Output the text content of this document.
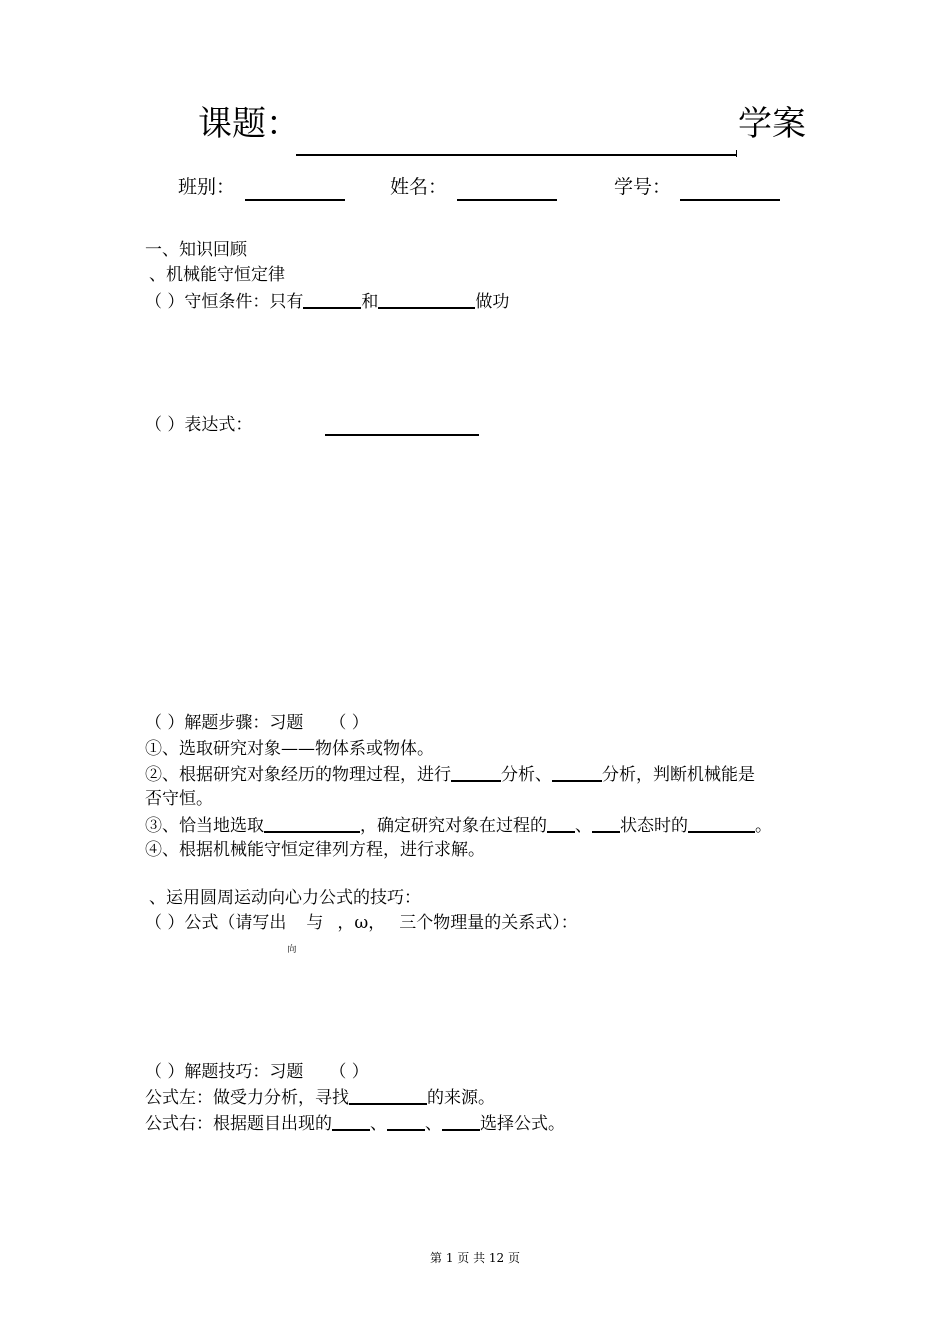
课题：	学案
班别：	姓名：	学号：
一、知识回顾
、机械能守恒定律
（ ）守恒条件：只有	和	做功
（ ）表达式：
（ ）解题步骤：习题 （ ）
①、选取研究对象——物体系或物体。
②、根据研究对象经历的物理过程，进行	分析、	分析，判断机械能是
否守恒。
③、恰当地选取	，确定研究对象在过程的 、 状态时的	。
④、根据机械能守恒定律列方程，进行求解。
、运用圆周运动向心力公式的技巧：
（ ）公式（请写出
向
与 ，ω， 三个物理量的关系式）：
（ ）解题技巧：习题 （ ）
公式左：做受力分析，寻找	的来源。
公式右：根据题目出现的 、 、 选择公式。
第 1 页 共 12 页
